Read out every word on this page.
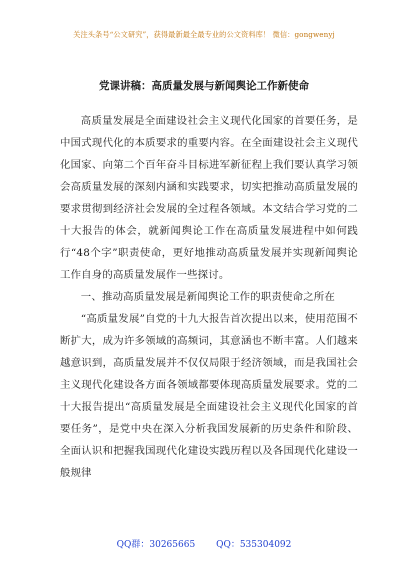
关注头条号“公文研究”，获得最新最全最专业的公文资料库！ 微信：gongwenyj
党课讲稿：高质量发展与新闻舆论工作新使命

高质量发展是全面建设社会主义现代化国家的首要任务，是中国式现代化的本质要求的重要内容。在全面建设社会主义现代化国家、向第二个百年奋斗目标进军新征程上我们要认真学习领会高质量发展的深刻内涵和实践要求，切实把推动高质量发展的要求贯彻到经济社会发展的全过程各领域。本文结合学习党的二十大报告的体会，就新闻舆论工作在高质量发展进程中如何践行“48个字”职责使命，更好地推动高质量发展并实现新闻舆论工作自身的高质量发展作一些探讨。

一、推动高质量发展是新闻舆论工作的职责使命之所在

“高质量发展”自党的十九大报告首次提出以来，使用范围不断扩大，成为许多领域的高频词，其意涵也不断丰富。人们越来越意识到，高质量发展并不仅仅局限于经济领域，而是我国社会主义现代化建设各方面各领域都要体现高质量发展要求。党的二十大报告提出“高质量发展是全面建设社会主义现代化国家的首要任务”，是党中央在深入分析我国发展新的历史条件和阶段、全面认识和把握我国现代化建设实践历程以及各国现代化建设一般规律

QQ群：30265665 QQ：535304092
